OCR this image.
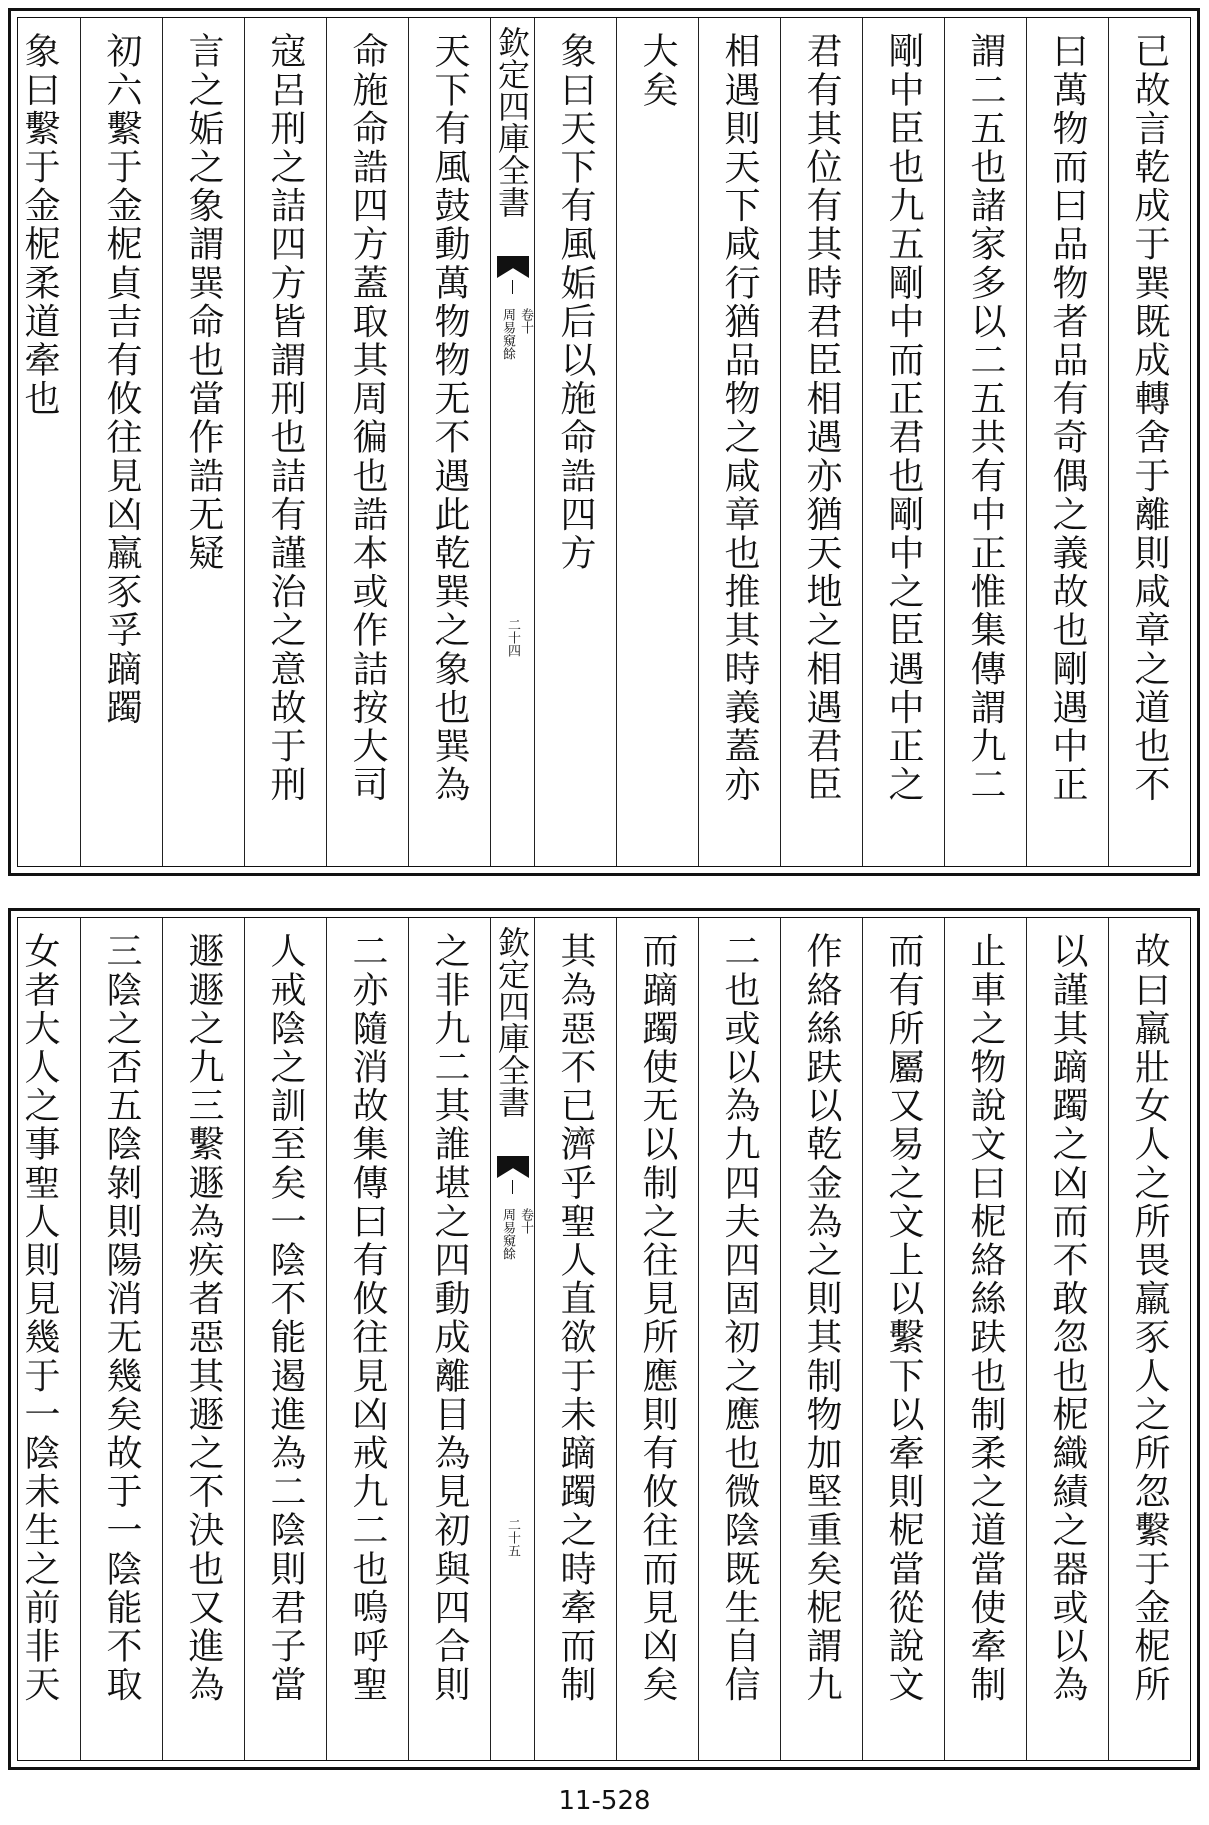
已故言乾成于巽既成轉舍于離則咸章之道也不
曰萬物而曰品物者品有奇偶之義故也剛遇中正
謂二五也諸家多以二五共有中正惟集傳謂九二
剛中臣也九五剛中而正君也剛中之臣遇中正之
君有其位有其時君臣相遇亦猶天地之相遇君臣
相遇則天下咸行猶品物之咸章也推其時義蓋亦
大矣
象曰天下有風姤后以施命誥四方
欽定四庫全書
周易窺餘 卷十
二十四
天下有風鼓動萬物物无不遇此乾巽之象也巽為
命施命誥四方蓋取其周徧也誥本或作詰按大司
寇呂刑之詰四方皆謂刑也詰有謹治之意故于刑
言之姤之象謂巽命也當作誥无疑
初六繫于金柅貞吉有攸往見凶羸豕孚蹢躅
象曰繫于金柅柔道牽也
故曰羸壯女人之所畏羸豕人之所忽繫于金柅所
以謹其蹢躅之凶而不敢忽也柅織績之器或以為
止車之物說文曰柅絡絲趺也制柔之道當使牽制
而有所屬又易之文上以繫下以牽則柅當從說文
作絡絲趺以乾金為之則其制物加堅重矣柅謂九
二也或以為九四夫四固初之應也微陰既生自信
而蹢躅使无以制之往見所應則有攸往而見凶矣
其為惡不已濟乎聖人直欲于未蹢躅之時牽而制
欽定四庫全書
周易窺餘 卷十
二十五
之非九二其誰堪之四動成離目為見初與四合則
二亦隨消故集傳曰有攸往見凶戒九二也嗚呼聖
人戒陰之訓至矣一陰不能遏進為二陰則君子當
遯遯之九三繫遯為疾者惡其遯之不決也又進為
三陰之否五陰剝則陽消无幾矣故于一陰能不取
女者大人之事聖人則見幾于一陰未生之前非天
11-528
